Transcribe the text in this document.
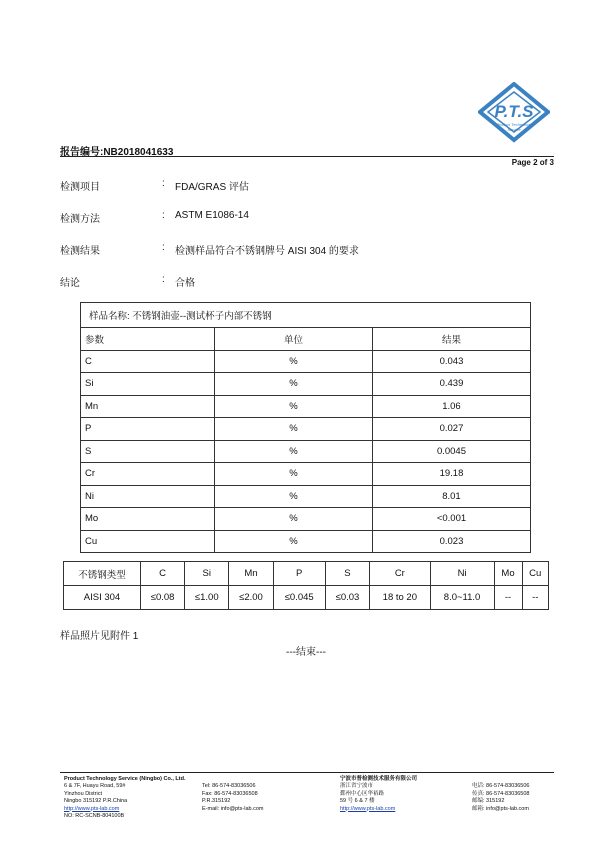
P.T.S
Product Technology
Service
报告编号:NB2018041633
Page 2 of 3
检测项目	: FDA/GRAS 评估
检测方法	: ASTM E1086-14
检测结果	: 检测样品符合不锈钢牌号 AISI 304 的要求
结论	: 合格
样品名称: 不锈钢油壶--测试杯子内部不锈钢		
参数	单位	结果
C	%	0.043
Si	%	0.439
Mn	%	1.06
P	%	0.027
S	%	0.0045
Cr	%	19.18
Ni	%	8.01
Mo	%	<0.001
Cu	%	0.023
不锈钢类型	C	Si	Mn	P	S	Cr	Ni	Mo	Cu
AISI 304	≤0.08	≤1.00	≤2.00	≤0.045	≤0.03	18 to 20	8.0~11.0	--	--
样品照片见附件 1
---结束---
Product Technology Service (Ningbo) Co., Ltd.
6 & 7F, Huayu Road, 59#
Yinzhou District
Ningbo 315192 P.R.China
http://www.pts-lab.com
NO: RC-SCNB-804100B

Tel: 86-574-83036506
Fax: 86-574-83036508
P.R.315192
E-mail: info@pts-lab.com
宁波市普检测技术服务有限公司
浙江省宁波市
鄞州中心区华裕路
59 号 6 & 7 楼
http://www.pts-lab.com

电话: 86-574-83036506
传真: 86-574-83036508
邮编: 315192
邮箱: info@pts-lab.com
